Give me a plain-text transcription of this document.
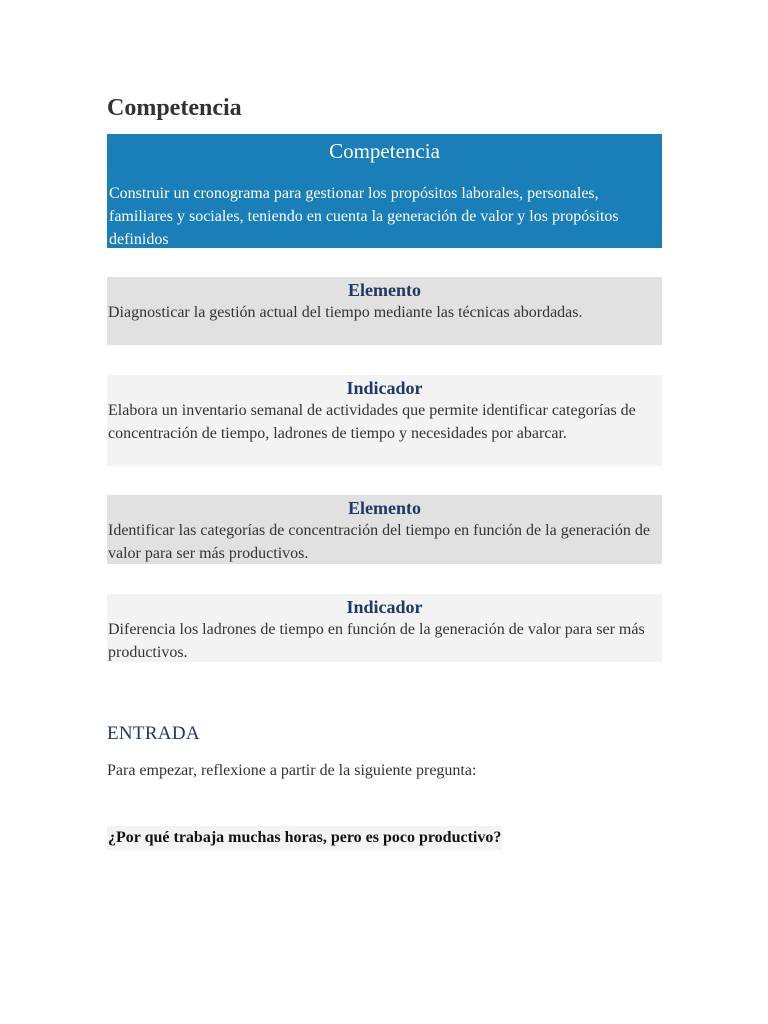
Competencia
Competencia
Construir un cronograma para gestionar los propósitos laborales, personales, familiares y sociales, teniendo en cuenta la generación de valor y los propósitos definidos
Elemento
Diagnosticar la gestión actual del tiempo mediante las técnicas abordadas.
Indicador
Elabora un inventario semanal de actividades que permite identificar categorías de concentración de tiempo, ladrones de tiempo y necesidades por abarcar.
Elemento
Identificar las categorías de concentración del tiempo en función de la generación de valor para ser más productivos.
Indicador
Diferencia los ladrones de tiempo en función de la generación de valor para ser más productivos.
ENTRADA

Para empezar, reflexione a partir de la siguiente pregunta:

¿Por qué trabaja muchas horas, pero es poco productivo?
